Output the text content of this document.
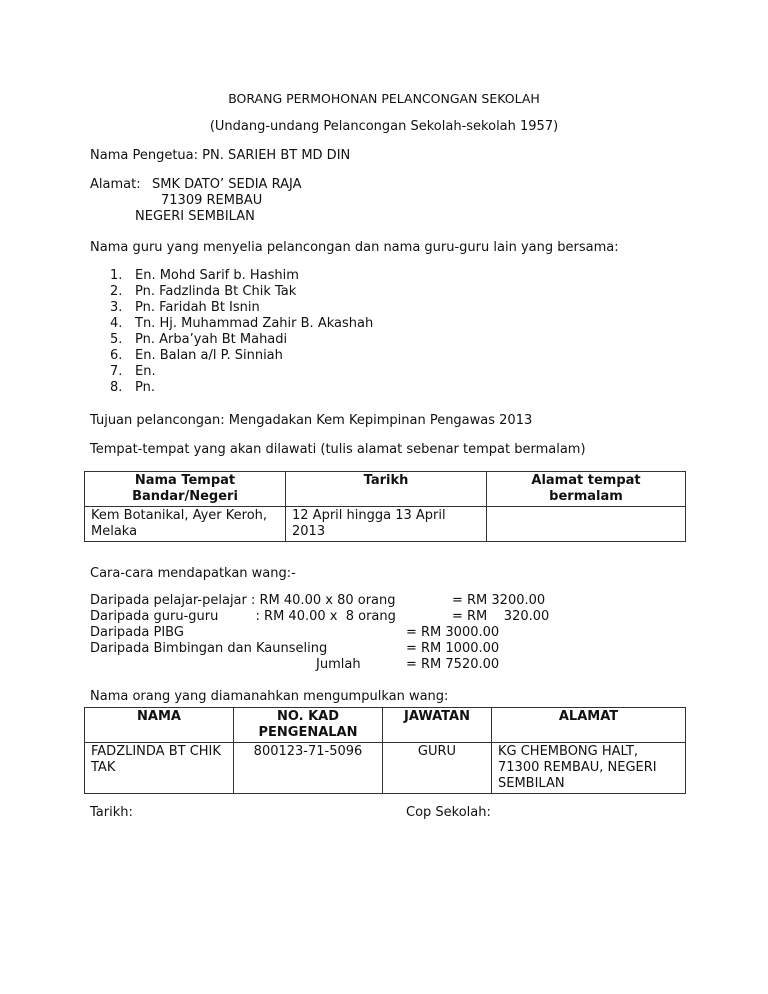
BORANG PERMOHONAN PELANCONGAN SEKOLAH
(Undang-undang Pelancongan Sekolah-sekolah 1957)
Nama Pengetua: PN. SARIEH BT MD DIN
Alamat: SMK DATO’ SEDIA RAJA
71309 REMBAU
NEGERI SEMBILAN
Nama guru yang menyelia pelancongan dan nama guru-guru lain yang bersama:
1. En. Mohd Sarif b. Hashim
2. Pn. Fadzlinda Bt Chik Tak
3. Pn. Faridah Bt Isnin
4. Tn. Hj. Muhammad Zahir B. Akashah
5. Pn. Arba’yah Bt Mahadi
6. En. Balan a/l P. Sinniah
7. En.
8. Pn.
Tujuan pelancongan: Mengadakan Kem Kepimpinan Pengawas 2013
Tempat-tempat yang akan dilawati (tulis alamat sebenar tempat bermalam)
Nama Tempat Bandar/Negeri	Tarikh	Alamat tempat bermalam
Kem Botanikal, Ayer Keroh, Melaka	12 April hingga 13 April 2013	
Cara-cara mendapatkan wang:-
Daripada pelajar-pelajar : RM 40.00 x 80 orang	= RM 3200.00
Daripada guru-guru         : RM 40.00 x  8 orang	= RM    320.00
Daripada PIBG	= RM 3000.00
Daripada Bimbingan dan Kaunseling	= RM 1000.00
Jumlah	= RM 7520.00
Nama orang yang diamanahkan mengumpulkan wang:
NAMA	NO. KAD PENGENALAN	JAWATAN	ALAMAT
FADZLINDA BT CHIK TAK	800123-71-5096	GURU	KG CHEMBONG HALT, 71300 REMBAU, NEGERI SEMBILAN
Tarikh:	Cop Sekolah:
